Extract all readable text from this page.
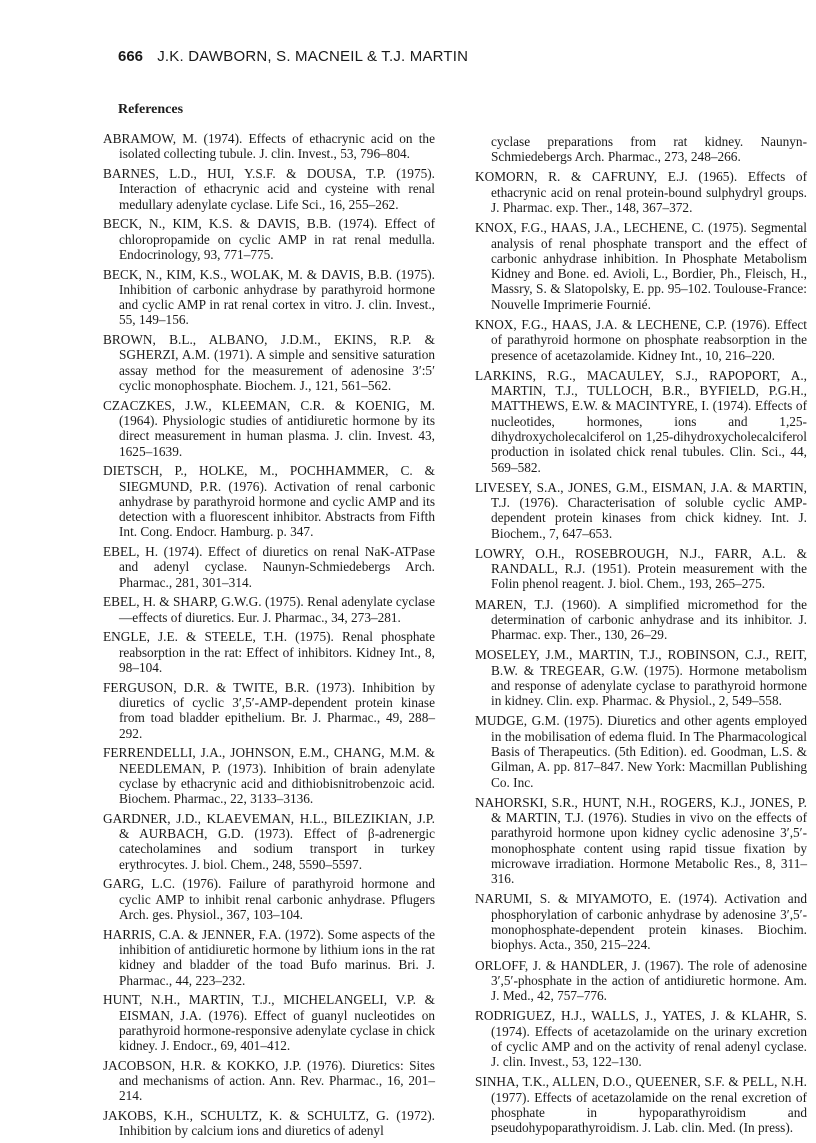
666 J.K. DAWBORN, S. MACNEIL & T.J. MARTIN
References
ABRAMOW, M. (1974). Effects of ethacrynic acid on the isolated collecting tubule. J. clin. Invest., 53, 796–804.
BARNES, L.D., HUI, Y.S.F. & DOUSA, T.P. (1975). Interaction of ethacrynic acid and cysteine with renal medullary adenylate cyclase. Life Sci., 16, 255–262.
BECK, N., KIM, K.S. & DAVIS, B.B. (1974). Effect of chloropropamide on cyclic AMP in rat renal medulla. Endocrinology, 93, 771–775.
BECK, N., KIM, K.S., WOLAK, M. & DAVIS, B.B. (1975). Inhibition of carbonic anhydrase by parathyroid hormone and cyclic AMP in rat renal cortex in vitro. J. clin. Invest., 55, 149–156.
BROWN, B.L., ALBANO, J.D.M., EKINS, R.P. & SGHERZI, A.M. (1971). A simple and sensitive saturation assay method for the measurement of adenosine 3′:5′ cyclic monophosphate. Biochem. J., 121, 561–562.
CZACZKES, J.W., KLEEMAN, C.R. & KOENIG, M. (1964). Physiologic studies of antidiuretic hormone by its direct measurement in human plasma. J. clin. Invest. 43, 1625–1639.
DIETSCH, P., HOLKE, M., POCHHAMMER, C. & SIEGMUND, P.R. (1976). Activation of renal carbonic anhydrase by parathyroid hormone and cyclic AMP and its detection with a fluorescent inhibitor. Abstracts from Fifth Int. Cong. Endocr. Hamburg. p. 347.
EBEL, H. (1974). Effect of diuretics on renal NaK-ATPase and adenyl cyclase. Naunyn-Schmiedebergs Arch. Pharmac., 281, 301–314.
EBEL, H. & SHARP, G.W.G. (1975). Renal adenylate cyclase—effects of diuretics. Eur. J. Pharmac., 34, 273–281.
ENGLE, J.E. & STEELE, T.H. (1975). Renal phosphate reabsorption in the rat: Effect of inhibitors. Kidney Int., 8, 98–104.
FERGUSON, D.R. & TWITE, B.R. (1973). Inhibition by diuretics of cyclic 3′,5′-AMP-dependent protein kinase from toad bladder epithelium. Br. J. Pharmac., 49, 288–292.
FERRENDELLI, J.A., JOHNSON, E.M., CHANG, M.M. & NEEDLEMAN, P. (1973). Inhibition of brain adenylate cyclase by ethacrynic acid and dithiobisnitrobenzoic acid. Biochem. Pharmac., 22, 3133–3136.
GARDNER, J.D., KLAEVEMAN, H.L., BILEZIKIAN, J.P. & AURBACH, G.D. (1973). Effect of β-adrenergic catecholamines and sodium transport in turkey erythrocytes. J. biol. Chem., 248, 5590–5597.
GARG, L.C. (1976). Failure of parathyroid hormone and cyclic AMP to inhibit renal carbonic anhydrase. Pflugers Arch. ges. Physiol., 367, 103–104.
HARRIS, C.A. & JENNER, F.A. (1972). Some aspects of the inhibition of antidiuretic hormone by lithium ions in the rat kidney and bladder of the toad Bufo marinus. Bri. J. Pharmac., 44, 223–232.
HUNT, N.H., MARTIN, T.J., MICHELANGELI, V.P. & EISMAN, J.A. (1976). Effect of guanyl nucleotides on parathyroid hormone-responsive adenylate cyclase in chick kidney. J. Endocr., 69, 401–412.
JACOBSON, H.R. & KOKKO, J.P. (1976). Diuretics: Sites and mechanisms of action. Ann. Rev. Pharmac., 16, 201–214.
JAKOBS, K.H., SCHULTZ, K. & SCHULTZ, G. (1972). Inhibition by calcium ions and diuretics of adenyl
cyclase preparations from rat kidney. Naunyn-Schmiedebergs Arch. Pharmac., 273, 248–266.
KOMORN, R. & CAFRUNY, E.J. (1965). Effects of ethacrynic acid on renal protein-bound sulphydryl groups. J. Pharmac. exp. Ther., 148, 367–372.
KNOX, F.G., HAAS, J.A., LECHENE, C. (1975). Segmental analysis of renal phosphate transport and the effect of carbonic anhydrase inhibition. In Phosphate Metabolism Kidney and Bone. ed. Avioli, L., Bordier, Ph., Fleisch, H., Massry, S. & Slatopolsky, E. pp. 95–102. Toulouse-France: Nouvelle Imprimerie Fournié.
KNOX, F.G., HAAS, J.A. & LECHENE, C.P. (1976). Effect of parathyroid hormone on phosphate reabsorption in the presence of acetazolamide. Kidney Int., 10, 216–220.
LARKINS, R.G., MACAULEY, S.J., RAPOPORT, A., MARTIN, T.J., TULLOCH, B.R., BYFIELD, P.G.H., MATTHEWS, E.W. & MACINTYRE, I. (1974). Effects of nucleotides, hormones, ions and 1,25-dihydroxycholecalciferol on 1,25-dihydroxycholecalciferol production in isolated chick renal tubules. Clin. Sci., 44, 569–582.
LIVESEY, S.A., JONES, G.M., EISMAN, J.A. & MARTIN, T.J. (1976). Characterisation of soluble cyclic AMP-dependent protein kinases from chick kidney. Int. J. Biochem., 7, 647–653.
LOWRY, O.H., ROSEBROUGH, N.J., FARR, A.L. & RANDALL, R.J. (1951). Protein measurement with the Folin phenol reagent. J. biol. Chem., 193, 265–275.
MAREN, T.J. (1960). A simplified micromethod for the determination of carbonic anhydrase and its inhibitor. J. Pharmac. exp. Ther., 130, 26–29.
MOSELEY, J.M., MARTIN, T.J., ROBINSON, C.J., REIT, B.W. & TREGEAR, G.W. (1975). Hormone metabolism and response of adenylate cyclase to parathyroid hormone in kidney. Clin. exp. Pharmac. & Physiol., 2, 549–558.
MUDGE, G.M. (1975). Diuretics and other agents employed in the mobilisation of edema fluid. In The Pharmacological Basis of Therapeutics. (5th Edition). ed. Goodman, L.S. & Gilman, A. pp. 817–847. New York: Macmillan Publishing Co. Inc.
NAHORSKI, S.R., HUNT, N.H., ROGERS, K.J., JONES, P. & MARTIN, T.J. (1976). Studies in vivo on the effects of parathyroid hormone upon kidney cyclic adenosine 3′,5′-monophosphate content using rapid tissue fixation by microwave irradiation. Hormone Metabolic Res., 8, 311–316.
NARUMI, S. & MIYAMOTO, E. (1974). Activation and phosphorylation of carbonic anhydrase by adenosine 3′,5′-monophosphate-dependent protein kinases. Biochim. biophys. Acta., 350, 215–224.
ORLOFF, J. & HANDLER, J. (1967). The role of adenosine 3′,5′-phosphate in the action of antidiuretic hormone. Am. J. Med., 42, 757–776.
RODRIGUEZ, H.J., WALLS, J., YATES, J. & KLAHR, S. (1974). Effects of acetazolamide on the urinary excretion of cyclic AMP and on the activity of renal adenyl cyclase. J. clin. Invest., 53, 122–130.
SINHA, T.K., ALLEN, D.O., QUEENER, S.F. & PELL, N.H. (1977). Effects of acetazolamide on the renal excretion of phosphate in hypoparathyroidism and pseudohypoparathyroidism. J. Lab. clin. Med. (In press).
